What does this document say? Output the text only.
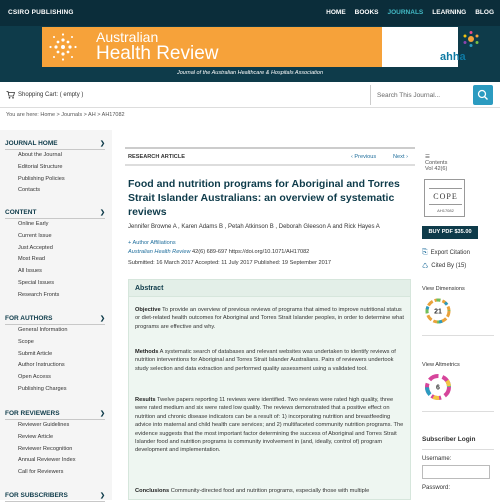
CSIRO PUBLISHING	HOME BOOKS JOURNALS LEARNING BLOG
Australian
Health Review	ahha
Journal of the Australian Healthcare & Hospitals Association
Shopping Cart: ( empty )	Search This Journal...
You are here: Home > Journals > AH > AH17082
JOURNAL HOME	❯
About the Journal
Editorial Structure
Publishing Policies
Contacts
CONTENT	❯
Online Early
Current Issue
Just Accepted
Most Read
All Issues
Special Issues
Research Fronts
FOR AUTHORS	❯
General Information
Scope
Submit Article
Author Instructions
Open Access
Publishing Charges
FOR REVIEWERS	❯
Reviewer Guidelines
Review Article
Reviewer Recognition
Annual Reviewer Index
Call for Reviewers
FOR SUBSCRIBERS	❯
RESEARCH ARTICLE	‹ Previous	Next ›	☰ Contents Vol 42(6)
Food and nutrition programs for Aboriginal and Torres Strait Islander Australians: an overview of systematic reviews
Jennifer Browne A , Karen Adams B , Petah Atkinson B , Deborah Gleeson A and Rick Hayes A
+ Author Affiliations
Australian Health Review 42(6) 689-697 https://doi.org/10.1071/AH17082
Submitted: 16 March 2017 Accepted: 11 July 2017 Published: 19 September 2017
Abstract

Objective To provide an overview of previous reviews of programs that aimed to improve nutritional status or diet-related health outcomes for Aboriginal and Torres Strait Islander peoples, in order to determine what programs are effective and why.

Methods A systematic search of databases and relevant websites was undertaken to identify reviews of nutrition interventions for Aboriginal and Torres Strait Islander Australians. Pairs of reviewers undertook study selection and data extraction and performed quality assessment using a validated tool.

Results Twelve papers reporting 11 reviews were identified. Two reviews were rated high quality, three were rated medium and six were rated low quality. The reviews demonstrated that a positive effect on nutrition and chronic disease indicators can be a result of: 1) incorporating nutrition and breastfeeding advice into maternal and child health care services; and 2) multifaceted community nutrition programs. The evidence suggests that the most important factor determining the success of Aboriginal and Torres Strait Islander food and nutrition programs is community involvement in (and, ideally, control of) program development and implementation.

Conclusions Community-directed food and nutrition programs, especially those with multiple

COPE
AH17082
BUY PDF $35.00
⎘ Export Citation
♺ Cited By (15)
View Dimensions
21
View Altmetrics
6
Subscriber Login
Username:
Password:
